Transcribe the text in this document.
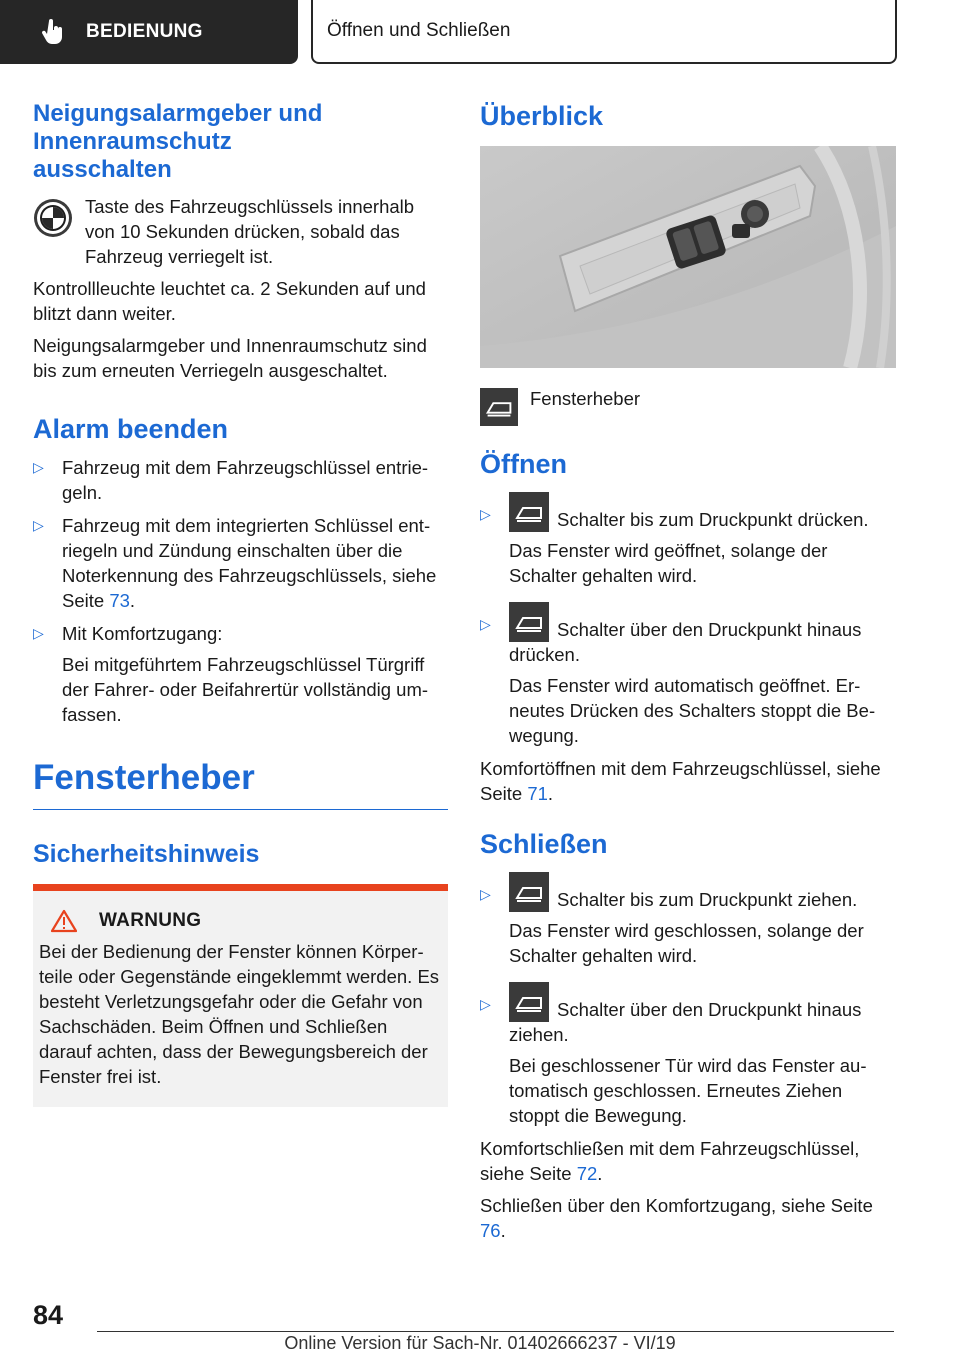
BEDIENUNG	Öffnen und Schließen
Neigungsalarmgeber und Innenraumschutz ausschalten

Taste des Fahrzeugschlüssels innerhalb von 10 Sekunden drücken, sobald das Fahrzeug verriegelt ist.

Kontrollleuchte leuchtet ca. 2 Sekunden auf und blitzt dann weiter.

Neigungsalarmgeber und Innenraumschutz sind bis zum erneuten Verriegeln ausgeschaltet.

Alarm beenden
▷ Fahrzeug mit dem Fahrzeugschlüssel entriegeln.
▷ Fahrzeug mit dem integrierten Schlüssel entriegeln und Zündung einschalten über die Noterkennung des Fahrzeugschlüssels, siehe Seite 73.
▷ Mit Komfortzugang:
Bei mitgeführtem Fahrzeugschlüssel Türgriff der Fahrer- oder Beifahrertür vollständig umfassen.
Fensterheber
Sicherheitshinweis
WARNUNG

Bei der Bedienung der Fenster können Körperteile oder Gegenstände eingeklemmt werden. Es besteht Verletzungsgefahr oder die Gefahr von Sachschäden. Beim Öffnen und Schließen darauf achten, dass der Bewegungsbereich der Fenster frei ist.

Überblick

Fensterheber

Öffnen
▷	Schalter bis zum Druckpunkt drücken.
Das Fenster wird geöffnet, solange der Schalter gehalten wird.
▷	Schalter über den Druckpunkt hinaus drücken.
Das Fenster wird automatisch geöffnet. Erneutes Drücken des Schalters stoppt die Bewegung.

Komfortöffnen mit dem Fahrzeugschlüssel, siehe Seite 71.

Schließen
▷	Schalter bis zum Druckpunkt ziehen.
Das Fenster wird geschlossen, solange der Schalter gehalten wird.
▷	Schalter über den Druckpunkt hinaus ziehen.
Bei geschlossener Tür wird das Fenster automatisch geschlossen. Erneutes Ziehen stoppt die Bewegung.

Komfortschließen mit dem Fahrzeugschlüssel, siehe Seite 72.

Schließen über den Komfortzugang, siehe Seite 76.

84
Online Version für Sach-Nr. 01402666237 - VI/19
